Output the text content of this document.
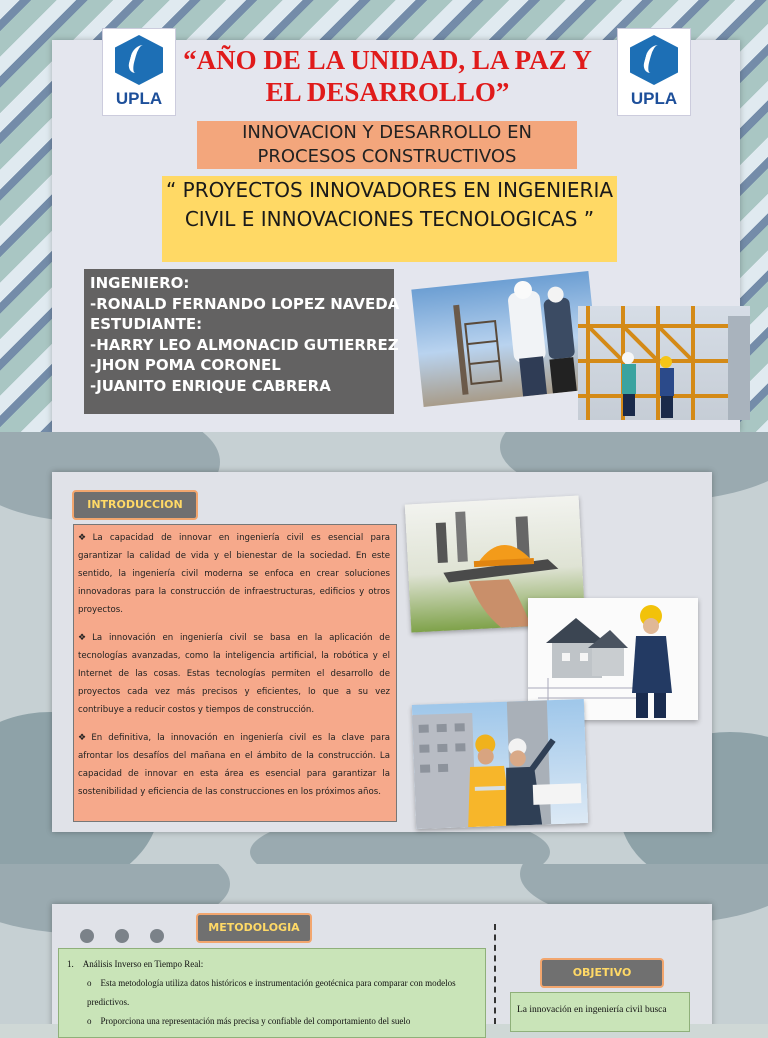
UPLA	UPLA
“AÑO DE LA UNIDAD, LA PAZ Y EL DESARROLLO”
INNOVACION Y DESARROLLO EN PROCESOS CONSTRUCTIVOS
“ PROYECTOS INNOVADORES EN INGENIERIA CIVIL E INNOVACIONES TECNOLOGICAS ”
INGENIERO:
-RONALD FERNANDO LOPEZ NAVEDA
ESTUDIANTE:
-HARRY LEO ALMONACID GUTIERREZ
-JHON POMA CORONEL
-JUANITO ENRIQUE CABRERA
INTRODUCCION

❖ La capacidad de innovar en ingeniería civil es esencial para garantizar la calidad de vida y el bienestar de la sociedad. En este sentido, la ingeniería civil moderna se enfoca en crear soluciones innovadoras para la construcción de infraestructuras, edificios y otros proyectos.

❖ La innovación en ingeniería civil se basa en la aplicación de tecnologías avanzadas, como la inteligencia artificial, la robótica y el Internet de las cosas. Estas tecnologías permiten el desarrollo de proyectos cada vez más precisos y eficientes, lo que a su vez contribuye a reducir costos y tiempos de construcción.

❖ En definitiva, la innovación en ingeniería civil es la clave para afrontar los desafíos del mañana en el ámbito de la construcción. La capacidad de innovar en esta área es esencial para garantizar la sostenibilidad y eficiencia de las construcciones en los próximos años.

METODOLOGIA
1. Análisis Inverso en Tiempo Real:
o Esta metodología utiliza datos históricos e instrumentación geotécnica para comparar con modelos predictivos.
o Proporciona una representación más precisa y confiable del comportamiento del suelo
OBJETIVO
La innovación en ingeniería civil busca
